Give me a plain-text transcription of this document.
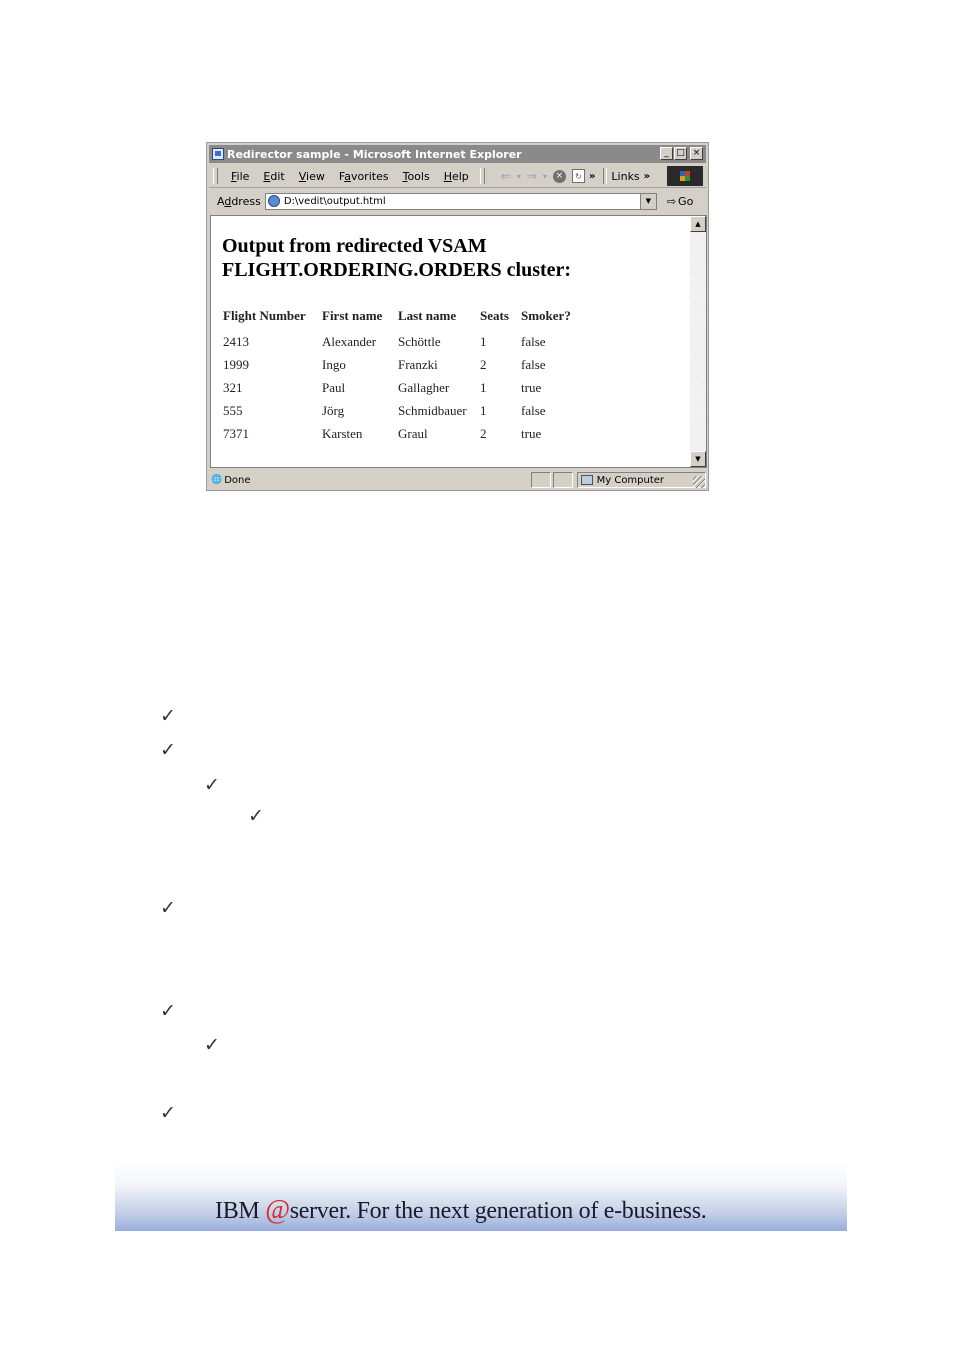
Redirector sample - Microsoft Internet Explorer	_ □ ×
File	Edit	View	Favorites	Tools	Help	⇐ ▾ ⇒ ▾ ×	↻ » Links »
Address D:\vedit\output.html	▼	⇨ Go
Output from redirected VSAM
FLIGHT.ORDERING.ORDERS cluster:
Flight Number	First name	Last name	Seats	Smoker?
2413	Alexander	Schöttle	1	false
1999	Ingo	Franzki	2	false
321	Paul	Gallagher	1	true
555	Jörg	Schmidbauer	1	false
7371	Karsten	Graul	2	true
▲
▼
🌐 Done	My Computer
✓
✓
✓
✓
✓
✓
✓
✓
IBM @server. For the next generation of e-business.
